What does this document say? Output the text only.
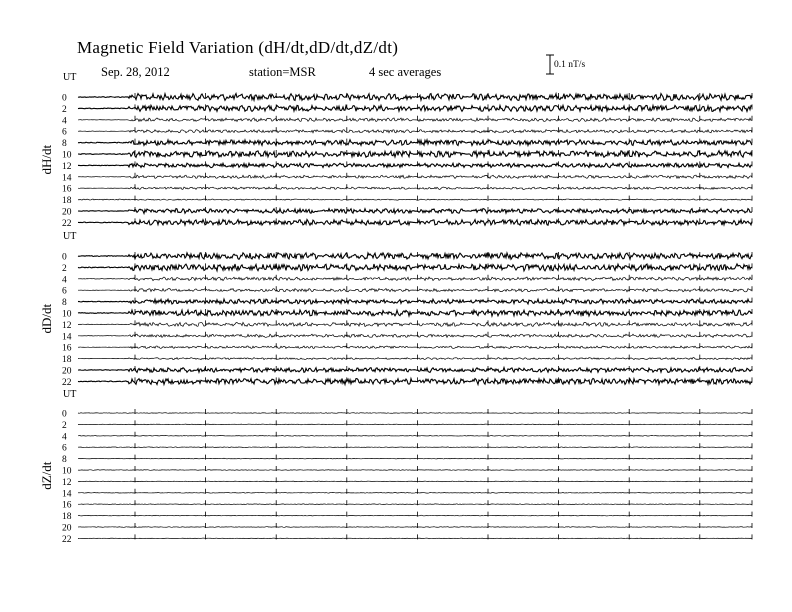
Magnetic Field Variation (dH/dt,dD/dt,dZ/dt)
Sep. 28, 2012	station=MSR	4 sec averages	0.1 nT/s
UT
dH/dt
0
2
4
6
8
10
12
14
16
18
20
22
UT
dD/dt
0
2
4
6
8
10
12
14
16
18
20
22
UT
dZ/dt
0
2
4
6
8
10
12
14
16
18
20
22
